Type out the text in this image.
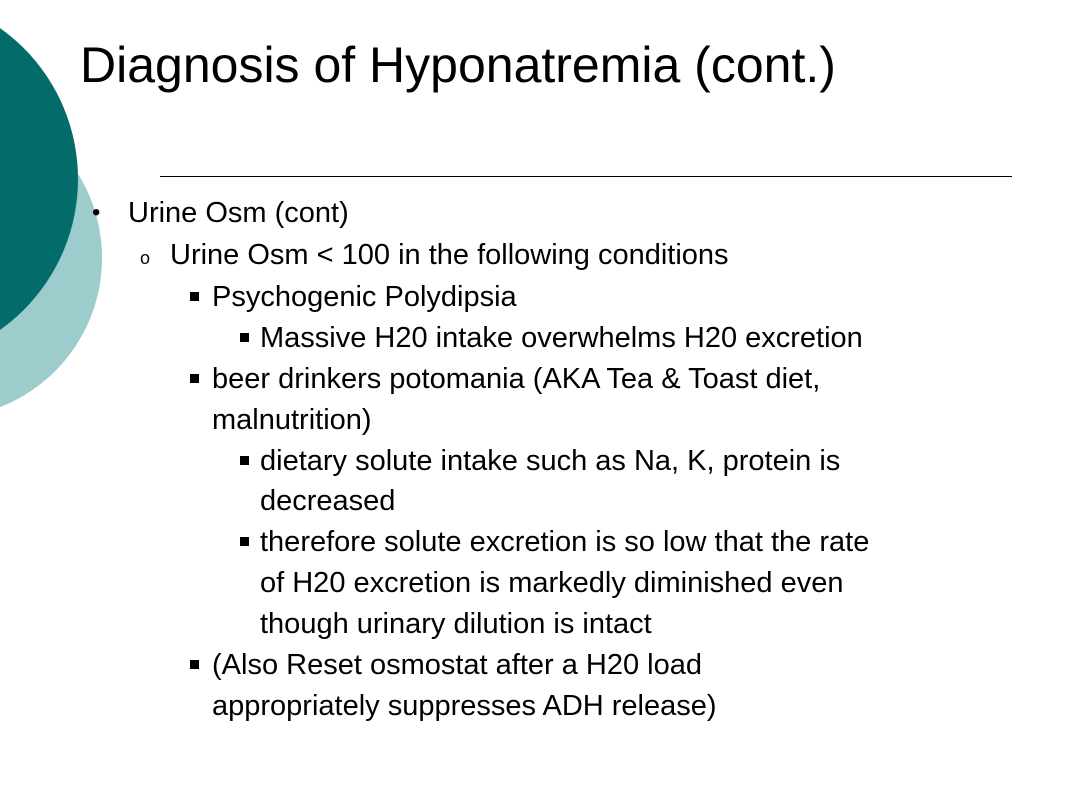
Diagnosis of Hyponatremia (cont.)
• Urine Osm (cont)
o Urine Osm < 100 in the following conditions
Psychogenic Polydipsia
Massive H20 intake overwhelms H20 excretion
beer drinkers potomania (AKA Tea & Toast diet,
malnutrition)
dietary solute intake such as Na, K, protein is
decreased
therefore solute excretion is so low that the rate
of H20 excretion is markedly diminished even
though urinary dilution is intact
(Also Reset osmostat after a H20 load
appropriately suppresses ADH release)
